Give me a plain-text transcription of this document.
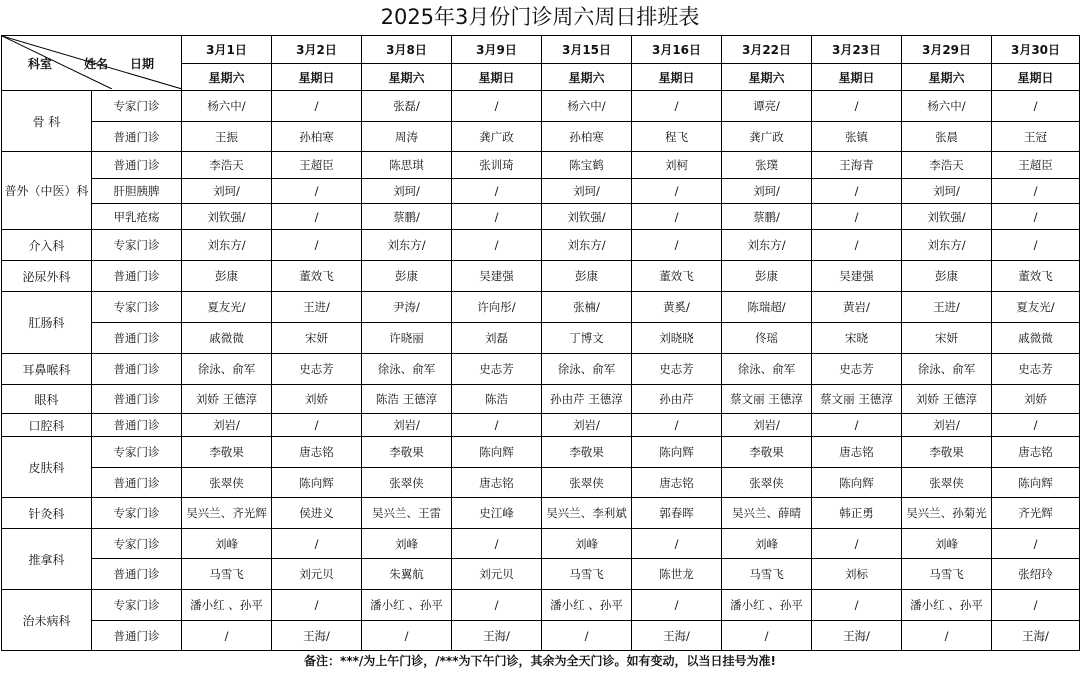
2025年3月份门诊周六周日排班表
科室 姓名 日期		3月1日	3月2日	3月8日	3月9日	3月15日	3月16日	3月22日	3月23日	3月29日	3月30日
		星期六	星期日	星期六	星期日	星期六	星期日	星期六	星期日	星期六	星期日
骨 科	专家门诊	杨六中/	/	张磊/	/	杨六中/	/	谭亮/	/	杨六中/	/
	普通门诊	王振	孙柏寒	周涛	龚广政	孙柏寒	程飞	龚广政	张镇	张晨	王冠
普外（中医）科	普通门诊	李浩天	王超臣	陈思琪	张训琦	陈宝鹤	刘柯	张璞	王海青	李浩天	王超臣
	肝胆胰脾	刘珂/	/	刘珂/	/	刘珂/	/	刘珂/	/	刘珂/	/
	甲乳疮疡	刘钦强/	/	蔡鹏/	/	刘钦强/	/	蔡鹏/	/	刘钦强/	/
介入科	专家门诊	刘东方/	/	刘东方/	/	刘东方/	/	刘东方/	/	刘东方/	/
泌尿外科	普通门诊	彭康	董效飞	彭康	吴建强	彭康	董效飞	彭康	吴建强	彭康	董效飞
肛肠科	专家门诊	夏友光/	王进/	尹涛/	许向彤/	张楠/	黄奚/	陈瑞超/	黄岩/	王进/	夏友光/
	普通门诊	戚微微	宋妍	许晓丽	刘磊	丁博文	刘晓晓	佟瑶	宋晓	宋妍	戚微微
耳鼻喉科	普通门诊	徐泳、俞军	史志芳	徐泳、俞军	史志芳	徐泳、俞军	史志芳	徐泳、俞军	史志芳	徐泳、俞军	史志芳
眼科	普通门诊	刘娇 王德淳	刘娇	陈浩 王德淳	陈浩	孙由芹 王德淳	孙由芹	蔡文丽 王德淳	蔡文丽 王德淳	刘娇 王德淳	刘娇
口腔科	普通门诊	刘岩/	/	刘岩/	/	刘岩/	/	刘岩/	/	刘岩/	/
皮肤科	专家门诊	李敬果	唐志铭	李敬果	陈向辉	李敬果	陈向辉	李敬果	唐志铭	李敬果	唐志铭
	普通门诊	张翠侠	陈向辉	张翠侠	唐志铭	张翠侠	唐志铭	张翠侠	陈向辉	张翠侠	陈向辉
针灸科	专家门诊	吴兴兰、齐光辉	侯进义	吴兴兰、王雷	史江峰	吴兴兰、李利斌	郭春晖	吴兴兰、薛晴	韩正勇	吴兴兰、孙菊光	齐光辉
推拿科	专家门诊	刘峰	/	刘峰	/	刘峰	/	刘峰	/	刘峰	/
	普通门诊	马雪飞	刘元贝	朱翼航	刘元贝	马雪飞	陈世龙	马雪飞	刘标	马雪飞	张绍玲
治未病科	专家门诊	潘小红 、孙平	/	潘小红 、孙平	/	潘小红 、孙平	/	潘小红 、孙平	/	潘小红 、孙平	/
	普通门诊	/	王海/	/	王海/	/	王海/	/	王海/	/	王海/
备注：***/为上午门诊，/***为下午门诊，其余为全天门诊。如有变动，以当日挂号为准!
